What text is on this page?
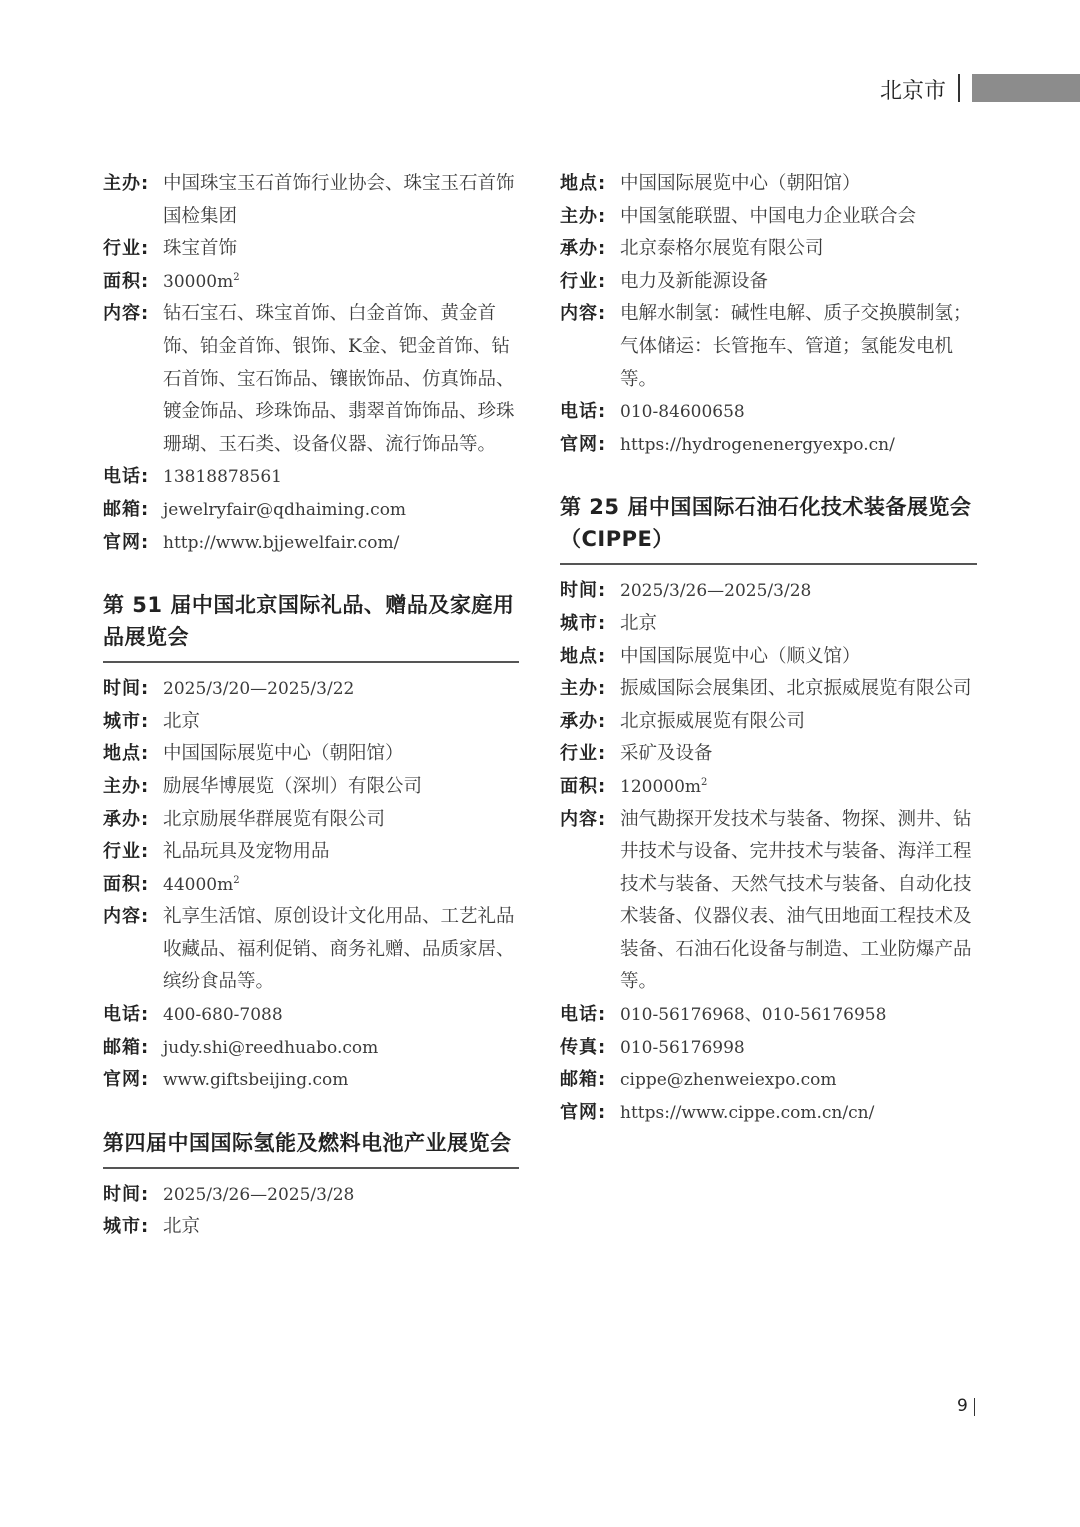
北京市
主办: 中国珠宝玉石首饰行业协会、珠宝玉石首饰国检集团
行业: 珠宝首饰
面积: $30000m^2$
内容: 钻石宝石、珠宝首饰、白金首饰、黄金首饰、铂金首饰、银饰、K金、钯金首饰、钻石首饰、宝石饰品、镶嵌饰品、仿真饰品、镀金饰品、珍珠饰品、翡翠首饰饰品、珍珠珊瑚、玉石类、设备仪器、流行饰品等。
电话: 13818878561
邮箱: jewelryfair@qdhaiming.com
官网: http://www.bjjewelfair.com/
第 51 届中国北京国际礼品、赠品及家庭用品展览会
时间: 2025/3/20—2025/3/22
城市: 北京
地点: 中国国际展览中心（朝阳馆）
主办: 励展华博展览（深圳）有限公司
承办: 北京励展华群展览有限公司
行业: 礼品玩具及宠物用品
面积: $44000m^2$
内容: 礼享生活馆、原创设计文化用品、工艺礼品收藏品、福利促销、商务礼赠、品质家居、缤纷食品等。
电话: 400-680-7088
邮箱: judy.shi@reedhuabo.com
官网: www.giftsbeijing.com
第四届中国国际氢能及燃料电池产业展览会
时间: 2025/3/26—2025/3/28
城市: 北京
地点: 中国国际展览中心（朝阳馆）
主办: 中国氢能联盟、中国电力企业联合会
承办: 北京泰格尔展览有限公司
行业: 电力及新能源设备
内容: 电解水制氢：碱性电解、质子交换膜制氢；气体储运：长管拖车、管道；氢能发电机等。
电话: 010-84600658
官网: https://hydrogenenergyexpo.cn/
第 25 届中国国际石油石化技术装备展览会（CIPPE）
时间: 2025/3/26—2025/3/28
城市: 北京
地点: 中国国际展览中心（顺义馆）
主办: 振威国际会展集团、北京振威展览有限公司
承办: 北京振威展览有限公司
行业: 采矿及设备
面积: $120000m^2$
内容: 油气勘探开发技术与装备、物探、测井、钻井技术与设备、完井技术与装备、海洋工程技术与装备、天然气技术与装备、自动化技术装备、仪器仪表、油气田地面工程技术及装备、石油石化设备与制造、工业防爆产品等。
电话: 010-56176968、010-56176958
传真: 010-56176998
邮箱: cippe@zhenweiexpo.com
官网: https://www.cippe.com.cn/cn/
9
